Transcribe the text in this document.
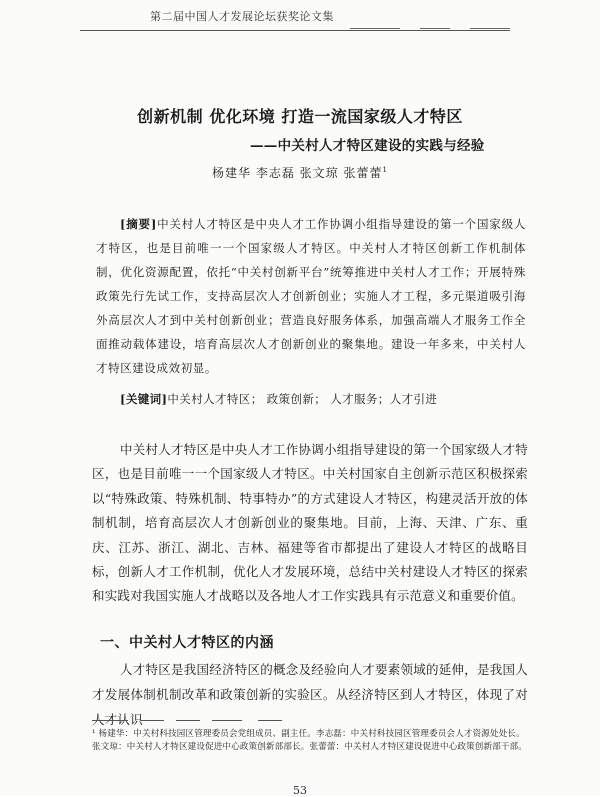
第二届中国人才发展论坛获奖论文集
创新机制 优化环境 打造一流国家级人才特区
——中关村人才特区建设的实践与经验
杨建华 李志磊 张文琼 张蕾蕾$^1$

[摘要]中关村人才特区是中央人才工作协调小组指导建设的第一个国家级人才特区，也是目前唯一一个国家级人才特区。中关村人才特区创新工作机制体制，优化资源配置，依托“中关村创新平台”统筹推进中关村人才工作；开展特殊政策先行先试工作，支持高层次人才创新创业；实施人才工程，多元渠道吸引海外高层次人才到中关村创新创业；营造良好服务体系，加强高端人才服务工作全面推动载体建设，培育高层次人才创新创业的聚集地。建设一年多来，中关村人才特区建设成效初显。

[关键词]中关村人才特区； 政策创新； 人才服务；人才引进

中关村人才特区是中央人才工作协调小组指导建设的第一个国家级人才特区，也是目前唯一一个国家级人才特区。中关村国家自主创新示范区积极探索以“特殊政策、特殊机制、特事特办”的方式建设人才特区，构建灵活开放的体制机制，培育高层次人才创新创业的聚集地。目前，上海、天津、广东、重庆、江苏、浙江、湖北、吉林、福建等省市都提出了建设人才特区的战略目标，创新人才工作机制，优化人才发展环境，总结中关村建设人才特区的探索和实践对我国实施人才战略以及各地人才工作实践具有示范意义和重要价值。

一、中关村人才特区的内涵

人才特区是我国经济特区的概念及经验向人才要素领域的延伸，是我国人才发展体制机制改革和政策创新的实验区。从经济特区到人才特区，体现了对人才认识

¹ 杨建华：中关村科技园区管理委员会党组成员、副主任。李志磊：中关村科技园区管理委员会人才资源处处长。张文琼：中关村人才特区建设促进中心政策创新部部长。张蕾蕾：中关村人才特区建设促进中心政策创新部干部。

53
